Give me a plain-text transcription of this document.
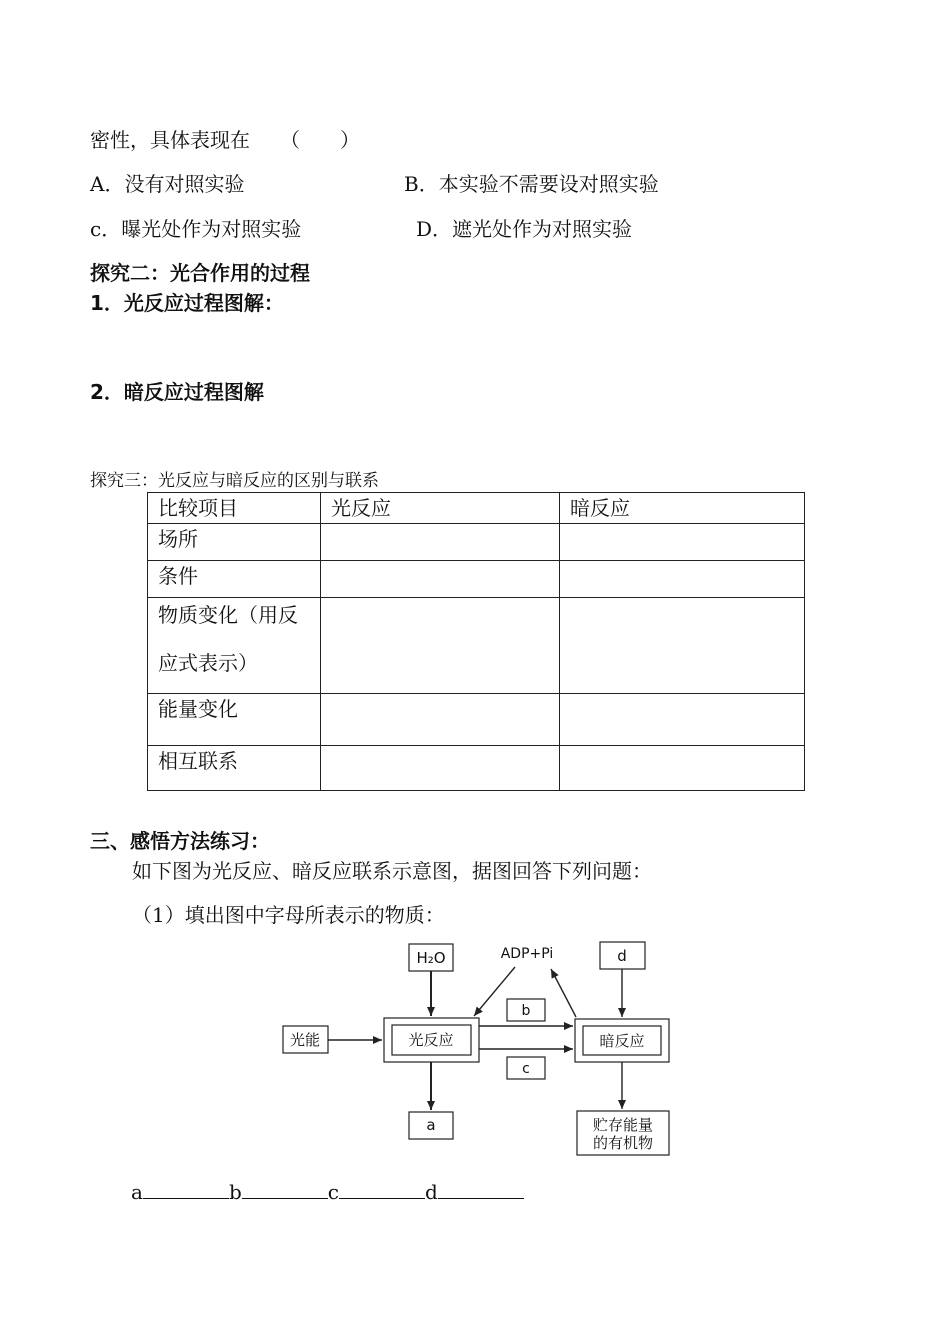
密性，具体表现在　　（　　）
A．没有对照实验	B．本实验不需要设对照实验
c．曝光处作为对照实验	D．遮光处作为对照实验
探究二：光合作用的过程
1．光反应过程图解：
2．暗反应过程图解
探究三：光反应与暗反应的区别与联系
比较项目	光反应	暗反应
场所		
条件		

物质变化（用反
应式表示）		

能量变化		
相互联系		
三、感悟方法练习：
如下图为光反应、暗反应联系示意图，据图回答下列问题：
（1）填出图中字母所表示的物质：
H₂O	ADP+Pi	d
光能	光反应	暗反应
b
c
a	贮存能量
的有机物
a	b	c	d
